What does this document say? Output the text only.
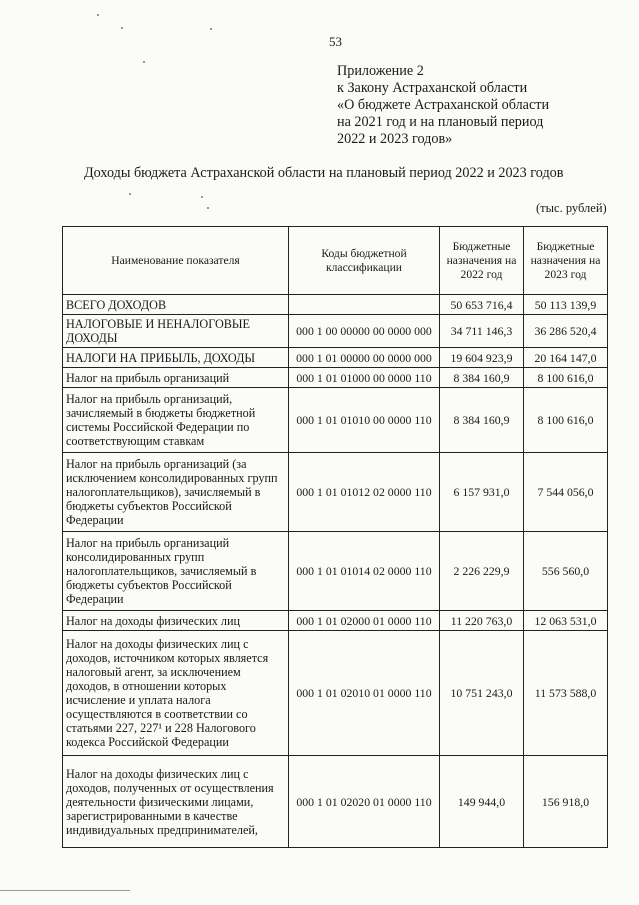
53
Приложение 2
к Закону Астраханской области
«О бюджете Астраханской области
на 2021 год и на плановый период
2022 и 2023 годов»
Доходы бюджета Астраханской области на плановый период 2022 и 2023 годов
(тыс. рублей)
Наименование показателя	Коды бюджетной классификации	Бюджетные назначения на 2022 год	Бюджетные назначения на 2023 год
ВСЕГО ДОХОДОВ		50 653 716,4	50 113 139,9
НАЛОГОВЫЕ И НЕНАЛОГОВЫЕ ДОХОДЫ	000 1 00 00000 00 0000 000	34 711 146,3	36 286 520,4
НАЛОГИ НА ПРИБЫЛЬ, ДОХОДЫ	000 1 01 00000 00 0000 000	19 604 923,9	20 164 147,0
Налог на прибыль организаций	000 1 01 01000 00 0000 110	8 384 160,9	8 100 616,0
Налог на прибыль организаций, зачисляемый в бюджеты бюджетной системы Российской Федерации по соответствующим ставкам	000 1 01 01010 00 0000 110	8 384 160,9	8 100 616,0
Налог на прибыль организаций (за исключением консолидированных групп налогоплательщиков), зачисляемый в бюджеты субъектов Российской Федерации	000 1 01 01012 02 0000 110	6 157 931,0	7 544 056,0
Налог на прибыль организаций консолидированных групп налогоплательщиков, зачисляемый в бюджеты субъектов Российской Федерации	000 1 01 01014 02 0000 110	2 226 229,9	556 560,0
Налог на доходы физических лиц	000 1 01 02000 01 0000 110	11 220 763,0	12 063 531,0
Налог на доходы физических лиц с доходов, источником которых является налоговый агент, за исключением доходов, в отношении которых исчисление и уплата налога осуществляются в соответствии со статьями 227, 227¹ и 228 Налогового кодекса Российской Федерации	000 1 01 02010 01 0000 110	10 751 243,0	11 573 588,0
Налог на доходы физических лиц с доходов, полученных от осуществления деятельности физическими лицами, зарегистрированными в качестве индивидуальных предпринимателей,	000 1 01 02020 01 0000 110	149 944,0	156 918,0
